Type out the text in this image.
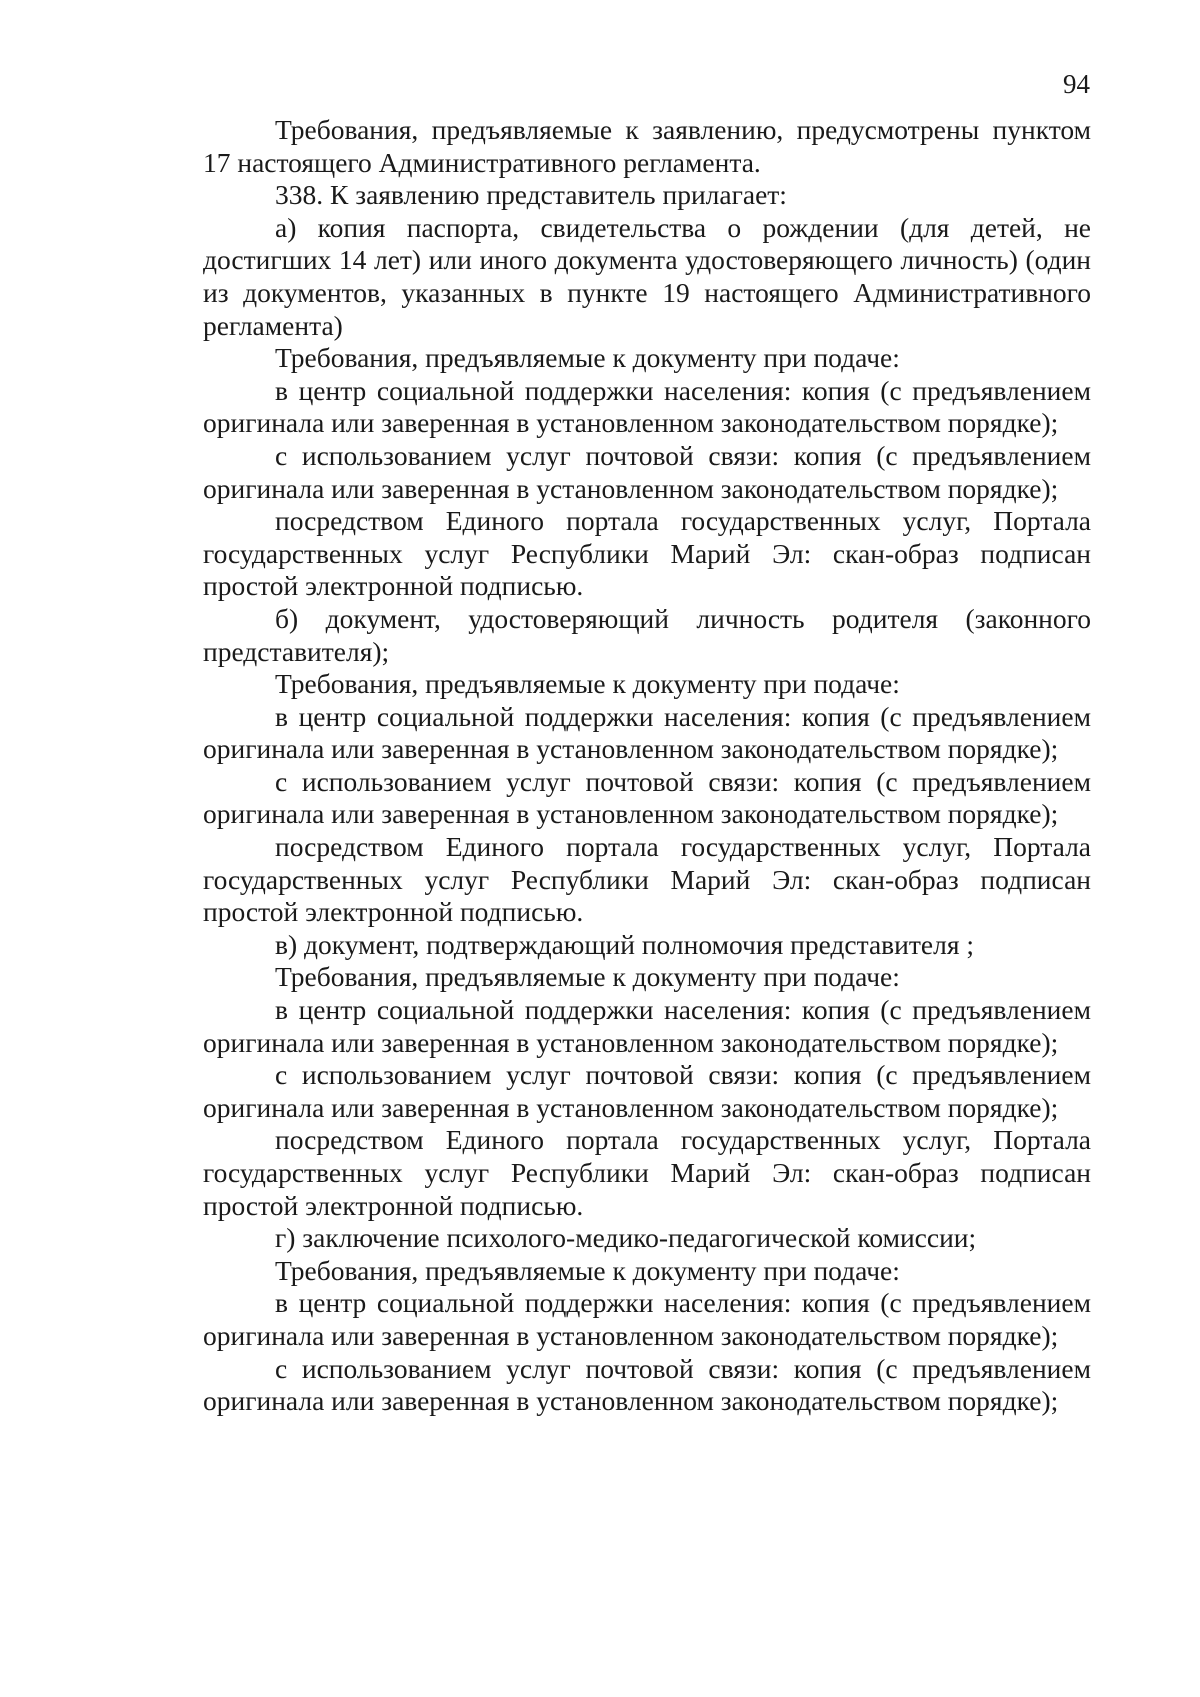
94

Требования, предъявляемые к заявлению, предусмотрены пунктом 17 настоящего Административного регламента.

338. К заявлению представитель прилагает:

а) копия паспорта, свидетельства о рождении (для детей, не достигших 14 лет) или иного документа удостоверяющего личность) (один из документов, указанных в пункте 19 настоящего Административного регламента)

Требования, предъявляемые к документу при подаче:

в центр социальной поддержки населения: копия (с предъявлением оригинала или заверенная в установленном законодательством порядке);

с использованием услуг почтовой связи: копия (с предъявлением оригинала или заверенная в установленном законодательством порядке);

посредством Единого портала государственных услуг, Портала государственных услуг Республики Марий Эл: скан-образ подписан простой электронной подписью.

б) документ, удостоверяющий личность родителя (законного представителя);

Требования, предъявляемые к документу при подаче:

в центр социальной поддержки населения: копия (с предъявлением оригинала или заверенная в установленном законодательством порядке);

с использованием услуг почтовой связи: копия (с предъявлением оригинала или заверенная в установленном законодательством порядке);

посредством Единого портала государственных услуг, Портала государственных услуг Республики Марий Эл: скан-образ подписан простой электронной подписью.

в) документ, подтверждающий полномочия представителя ;

Требования, предъявляемые к документу при подаче:

в центр социальной поддержки населения: копия (с предъявлением оригинала или заверенная в установленном законодательством порядке);

с использованием услуг почтовой связи: копия (с предъявлением оригинала или заверенная в установленном законодательством порядке);

посредством Единого портала государственных услуг, Портала государственных услуг Республики Марий Эл: скан-образ подписан простой электронной подписью.

г) заключение психолого-медико-педагогической комиссии;

Требования, предъявляемые к документу при подаче:

в центр социальной поддержки населения: копия (с предъявлением оригинала или заверенная в установленном законодательством порядке);

с использованием услуг почтовой связи: копия (с предъявлением оригинала или заверенная в установленном законодательством порядке);
